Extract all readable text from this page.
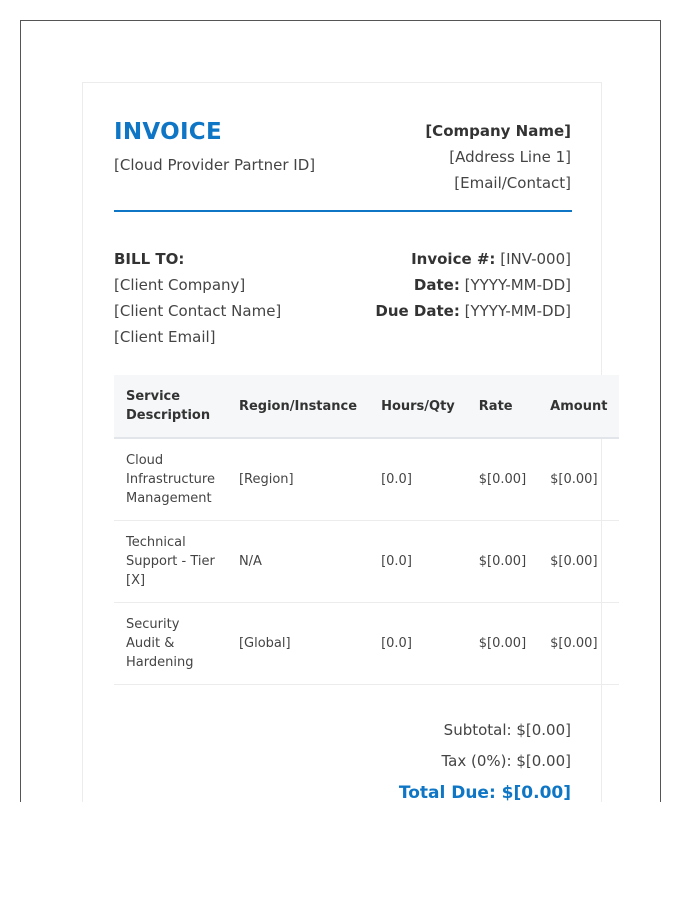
INVOICE
[Cloud Provider Partner ID]
[Company Name]
[Address Line 1]
[Email/Contact]
BILL TO:
[Client Company]
[Client Contact Name]
[Client Email]
Invoice #: [INV-000]
Date: [YYYY-MM-DD]
Due Date: [YYYY-MM-DD]
Service Description	Region/Instance	Hours/Qty	Rate	Amount
Cloud Infrastructure Management	[Region]	[0.0]	$[0.00]	$[0.00]
Technical Support - Tier [X]	N/A	[0.0]	$[0.00]	$[0.00]
Security Audit & Hardening	[Global]	[0.0]	$[0.00]	$[0.00]
Subtotal: $[0.00]
Tax (0%): $[0.00]
Total Due: $[0.00]
